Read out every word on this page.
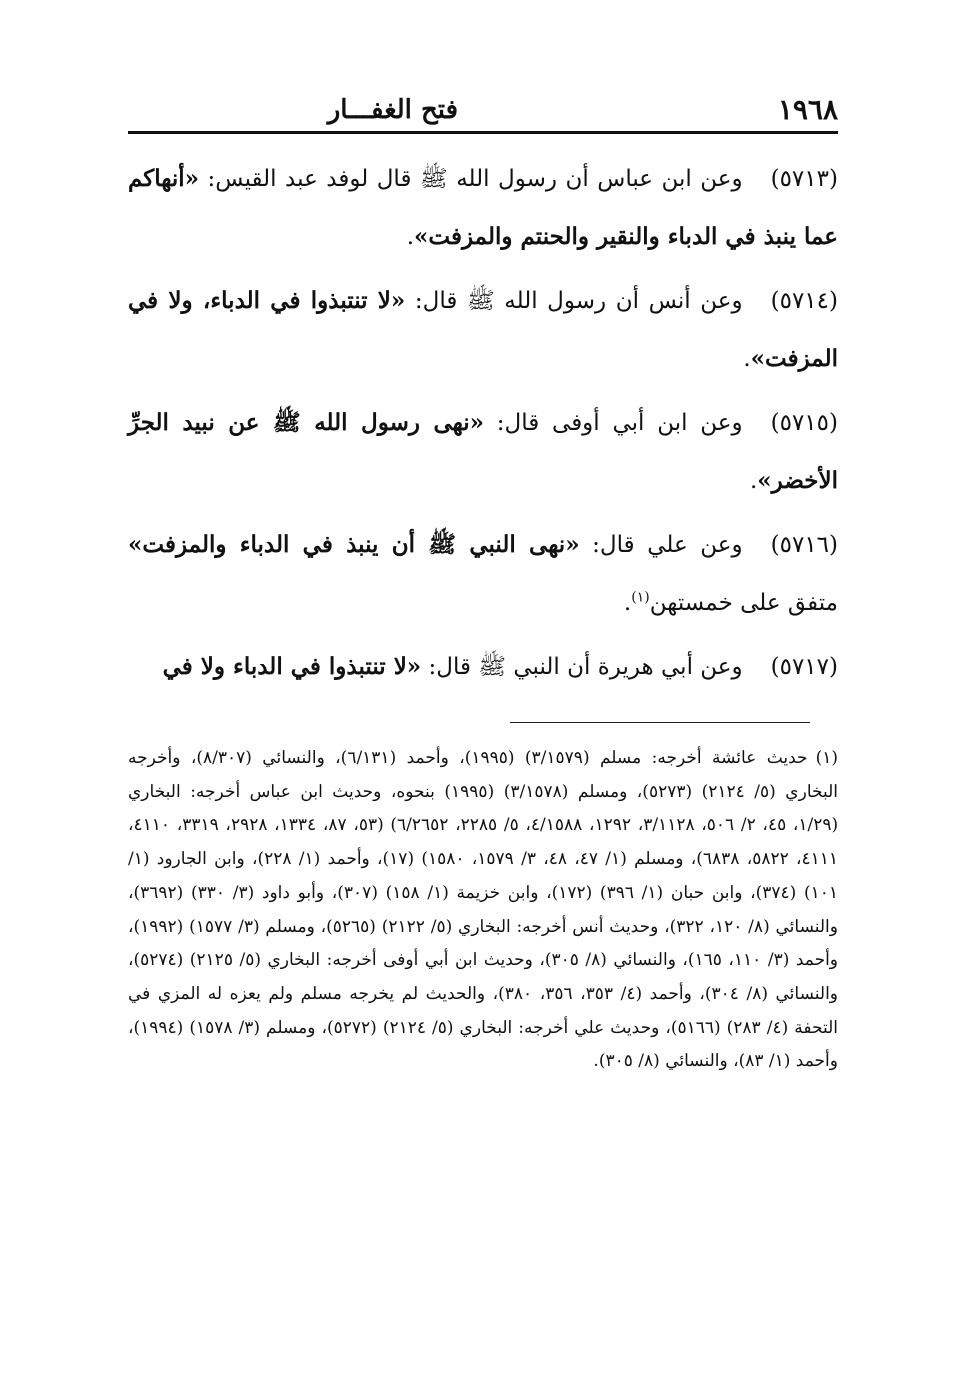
١٩٦٨
فتح الغفـــار

(٥٧١٣)وعن ابن عباس أن رسول الله ﷺ قال لوفد عبد القيس: «أنهاكم عما ينبذ في الدباء والنقير والحنتم والمزفت».

(٥٧١٤)وعن أنس أن رسول الله ﷺ قال: «لا تنتبذوا في الدباء، ولا في المزفت».

(٥٧١٥)وعن ابن أبي أوفى قال: «نهى رسول الله ﷺ عن نبيد الجرِّ الأخضر».

(٥٧١٦)وعن علي قال: «نهى النبي ﷺ أن ينبذ في الدباء والمزفت» متفق على خمستهن$^{(١)}$.

(٥٧١٧)وعن أبي هريرة أن النبي ﷺ قال: «لا تنتبذوا في الدباء ولا في

(١)حديث عائشة أخرجه: مسلم (٣/١٥٧٩) (١٩٩٥)، وأحمد (٦/١٣١)، والنسائي (٨/٣٠٧)، وأخرجه البخاري (٥/ ٢١٢٤) (٥٢٧٣)، ومسلم (٣/١٥٧٨) (١٩٩٥) بنحوه، وحديث ابن عباس أخرجه: البخاري (١/٢٩، ٤٥، ٢/ ٥٠٦، ٣/١١٢٨، ١٢٩٢، ٤/١٥٨٨، ٥/ ٢٢٨٥، ٦/٢٦٥٢) (٥٣، ٨٧، ١٣٣٤، ٢٩٢٨، ٣٣١٩، ٤١١٠، ٤١١١، ٥٨٢٢، ٦٨٣٨)، ومسلم (١/ ٤٧، ٤٨، ٣/ ١٥٧٩، ١٥٨٠) (١٧)، وأحمد (١/ ٢٢٨)، وابن الجارود (١/ ١٠١) (٣٧٤)، وابن حبان (١/ ٣٩٦) (١٧٢)، وابن خزيمة (١/ ١٥٨) (٣٠٧)، وأبو داود (٣/ ٣٣٠) (٣٦٩٢)، والنسائي (٨/ ١٢٠، ٣٢٢)، وحديث أنس أخرجه: البخاري (٥/ ٢١٢٢) (٥٢٦٥)، ومسلم (٣/ ١٥٧٧) (١٩٩٢)، وأحمد (٣/ ١١٠، ١٦٥)، والنسائي (٨/ ٣٠٥)، وحديث ابن أبي أوفى أخرجه: البخاري (٥/ ٢١٢٥) (٥٢٧٤)، والنسائي (٨/ ٣٠٤)، وأحمد (٤/ ٣٥٣، ٣٥٦، ٣٨٠)، والحديث لم يخرجه مسلم ولم يعزه له المزي في التحفة (٤/ ٢٨٣) (٥١٦٦)، وحديث علي أخرجه: البخاري (٥/ ٢١٢٤) (٥٢٧٢)، ومسلم (٣/ ١٥٧٨) (١٩٩٤)، وأحمد (١/ ٨٣)، والنسائي (٨/ ٣٠٥).
